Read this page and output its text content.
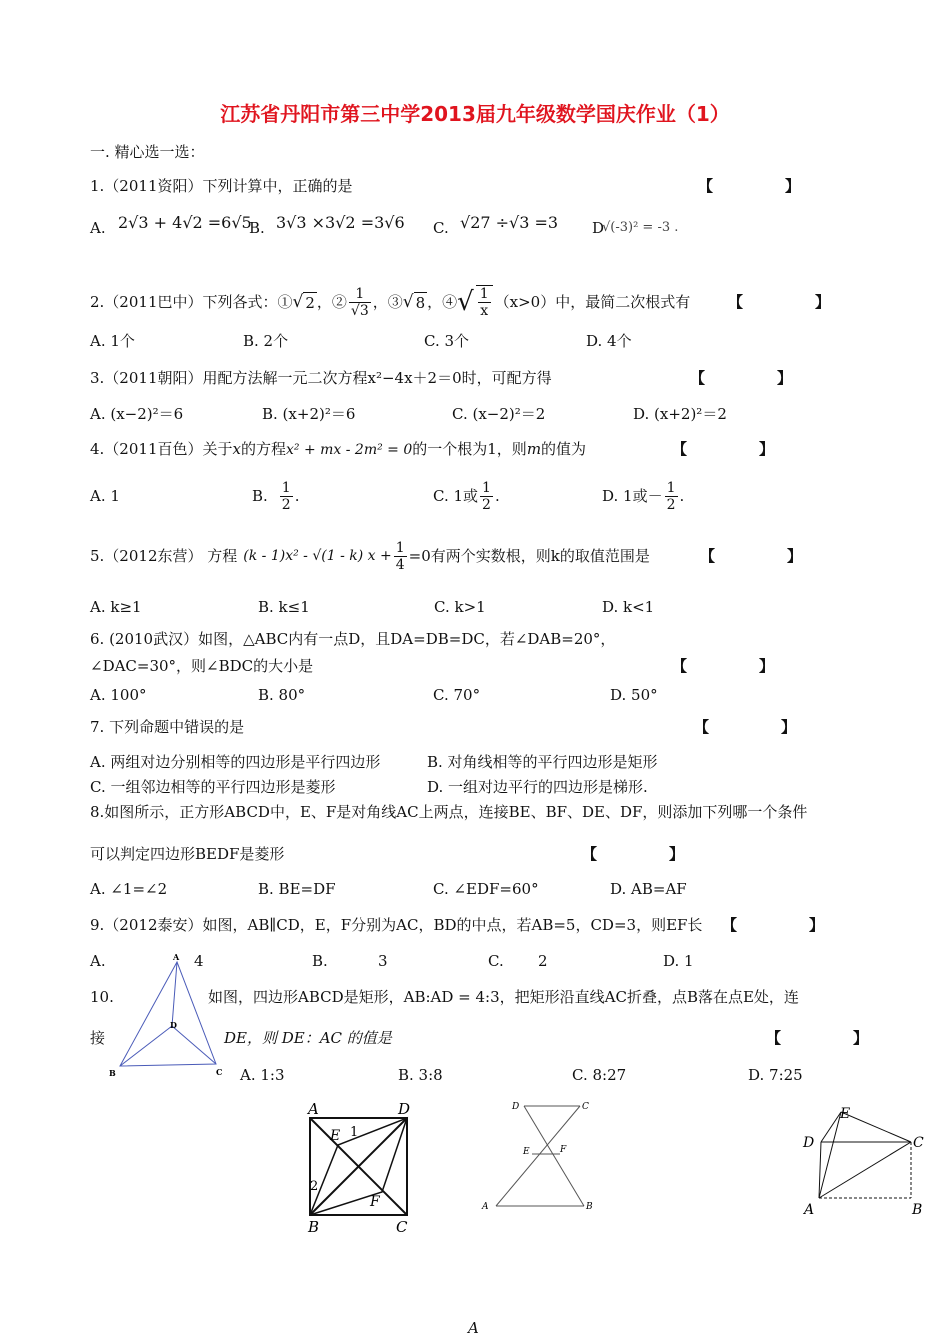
江苏省丹阳市第三中学2013届九年级数学国庆作业（1）
一. 精心选一选：
1.（2011资阳）下列计算中，正确的是	【　　】
A. 2√3 + 4√2 =6√5
B. 3√3 ×3√2 =3√6 C. √27 ÷√3 =3 D
√(-3)² = -3 .
2.（2011巴中）下列各式：① √ 2 ，② $\frac{1}{√3}$ ，③ √ 8 ，④ √ $\frac{1}{x} (x>0)$中，最简二次根式有	【　　】
A. 1个	B. 2个	C. 3个	D. 4个
3.（2011朝阳）用配方法解一元二次方程x²−4x＋2＝0时，可配方得	【　　】
A. (x−2)²＝6	B. (x+2)²＝6	C. (x−2)²＝2	D. (x+2)²＝2
4.（2011百色）关于x的方程x² + mx - 2m² = 0的一个根为1，则m的值为	【　　】
A. 1	B. $\frac{1}{2}$ .	C. 1或 $\frac{1}{2}$ .	D. 1或－ $\frac{1}{2}$ .
5.（2012东营） 方程 (k - 1)x² - √(1 - k) $x + \frac{1}{4} =0$ 有两个实数根，则k的取值范围是	【　　】
A. k≥1	B. k≤1	C. k>1	D. k<1
6. (2010武汉）如图，△ABC内有一点D，且DA=DB=DC，若∠DAB=20°，
∠DAC=30°，则∠BDC的大小是	【　　】
A. 100°	B. 80°	C. 70°	D. 50°
7. 下列命题中错误的是	【　　】
A. 两组对边分别相等的四边形是平行四边形	B. 对角线相等的平行四边形是矩形
C. 一组邻边相等的平行四边形是菱形	D. 一组对边平行的四边形是梯形.
8.如图所示，正方形ABCD中，E、F是对角线AC上两点，连接BE、BF、DE、DF，则添加下列哪一个条件
可以判定四边形BEDF是菱形	【　　】
A. ∠1=∠2	B. BE=DF	C. ∠EDF=60°	D. AB=AF
9.（2012泰安）如图，AB∥CD，E，F分别为AC，BD的中点，若AB=5，CD=3，则EF长 【　　】
A.	4	B.	3	C. 2	D. 1
10.	如图，四边形ABCD是矩形，AB:AD = 4:3，把矩形沿直线AC折叠，点B落在点E处，连
接	DE，则 DE：AC 的值是	【　　】
A. 1:3	B. 3:8	C. 8:27	D. 7:25
A
B	C
D
A	D
B	C
E
F
1
2
D	C
A	B
E	F
E
D	C
A	B
A
